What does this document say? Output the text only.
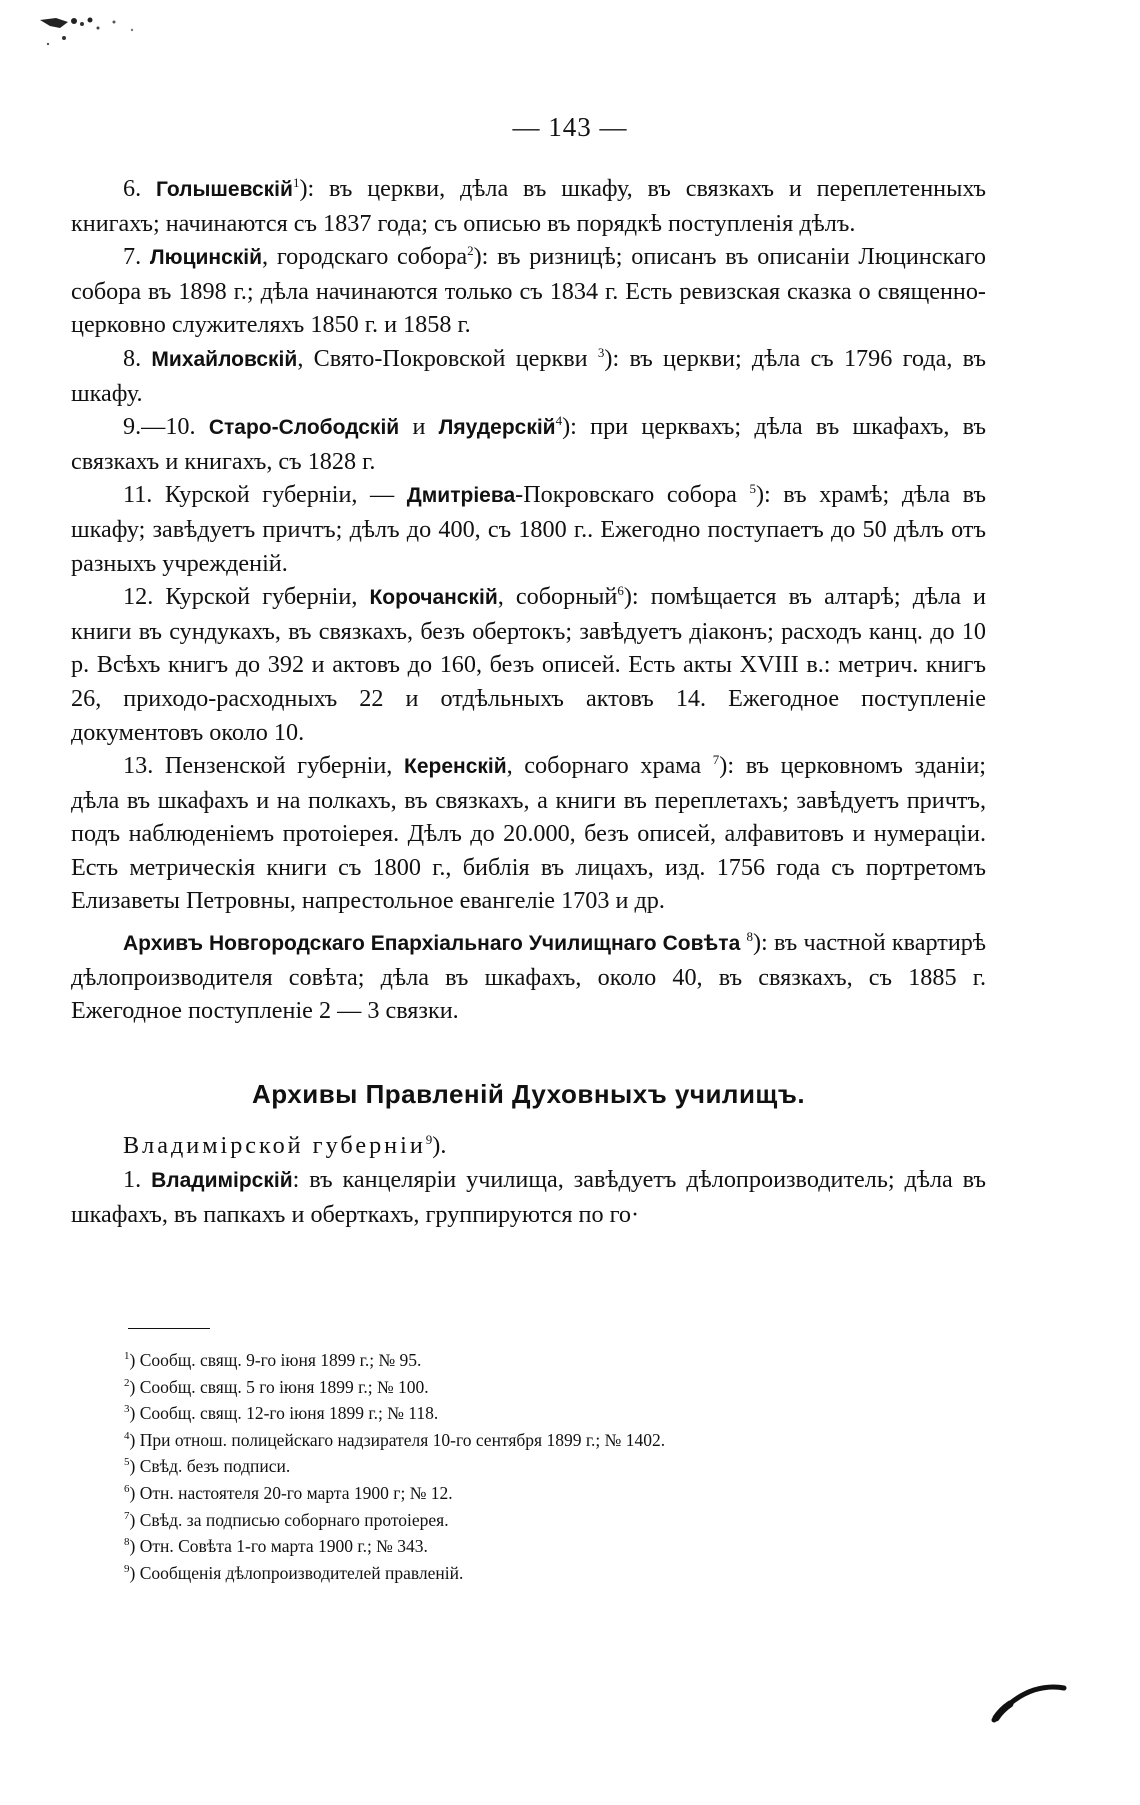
— 143 —

6. Голышевскій$^1$): въ церкви, дѣла въ шкафу, въ связкахъ и переплетенныхъ книгахъ; начинаются съ 1837 года; съ описью въ порядкѣ поступленія дѣлъ.

7. Люцинскій, городскаго собора$^2$): въ ризницѣ; описанъ въ описаніи Люцинскаго собора въ 1898 г.; дѣла начинаются только съ 1834 г. Есть ревизская сказка о священно-церковно служителяхъ 1850 г. и 1858 г.

8. Михайловскій, Свято-Покровской церкви $^3$): въ церкви; дѣла съ 1796 года, въ шкафу.

9.—10. Старо-Слободскій и Ляудерскій$^4$): при церквахъ; дѣла въ шкафахъ, въ связкахъ и книгахъ, съ 1828 г.

11. Курской губерніи, — Дмитріева-Покровскаго собора $^5$): въ храмѣ; дѣла въ шкафу; завѣдуетъ причтъ; дѣлъ до 400, съ 1800 г.. Ежегодно поступаетъ до 50 дѣлъ отъ разныхъ учрежденій.

12. Курской губерніи, Корочанскій, соборный$^6$): помѣщается въ алтарѣ; дѣла и книги въ сундукахъ, въ связкахъ, безъ обертокъ; завѣдуетъ діаконъ; расходъ канц. до 10 р. Всѣхъ книгъ до 392 и актовъ до 160, безъ описей. Есть акты XVIII в.: метрич. книгъ 26, приходо-расходныхъ 22 и отдѣльныхъ актовъ 14. Ежегодное поступленіе документовъ около 10.

13. Пензенской губерніи, Керенскій, соборнаго храма $^7$): въ церковномъ зданіи; дѣла въ шкафахъ и на полкахъ, въ связкахъ, а книги въ переплетахъ; завѣдуетъ причтъ, подъ наблюденіемъ протоіерея. Дѣлъ до 20.000, безъ описей, алфавитовъ и нумераціи. Есть метрическія книги съ 1800 г., библія въ лицахъ, изд. 1756 года съ портретомъ Елизаветы Петровны, напрестольное евангеліе 1703 и др.

Архивъ Новгородскаго Епархіальнаго Училищнаго Совѣта $^8$): въ частной квартирѣ дѣлопроизводителя совѣта; дѣла въ шкафахъ, около 40, въ связкахъ, съ 1885 г. Ежегодное поступленіе 2 — 3 связки.

Архивы Правленій Духовныхъ училищъ.

Владимірской губерніи$^9$).

1. Владимірскій: въ канцеляріи училища, завѣдуетъ дѣлопроизводитель; дѣла въ шкафахъ, въ папкахъ и оберткахъ, группируются по го·

$^1$) Сообщ. свящ. 9-го іюня 1899 г.; № 95.

$^2$) Сообщ. свящ. 5 го іюня 1899 г.; № 100.

$^3$) Сообщ. свящ. 12-го іюня 1899 г.; № 118.

$^4$) При отнош. полицейскаго надзирателя 10-го сентября 1899 г.; № 1402.

$^5$) Свѣд. безъ подписи.

$^6$) Отн. настоятеля 20-го марта 1900 г; № 12.

$^7$) Свѣд. за подписью соборнаго протоіерея.

$^8$) Отн. Совѣта 1-го марта 1900 г.; № 343.

$^9$) Сообщенія дѣлопроизводителей правленій.
